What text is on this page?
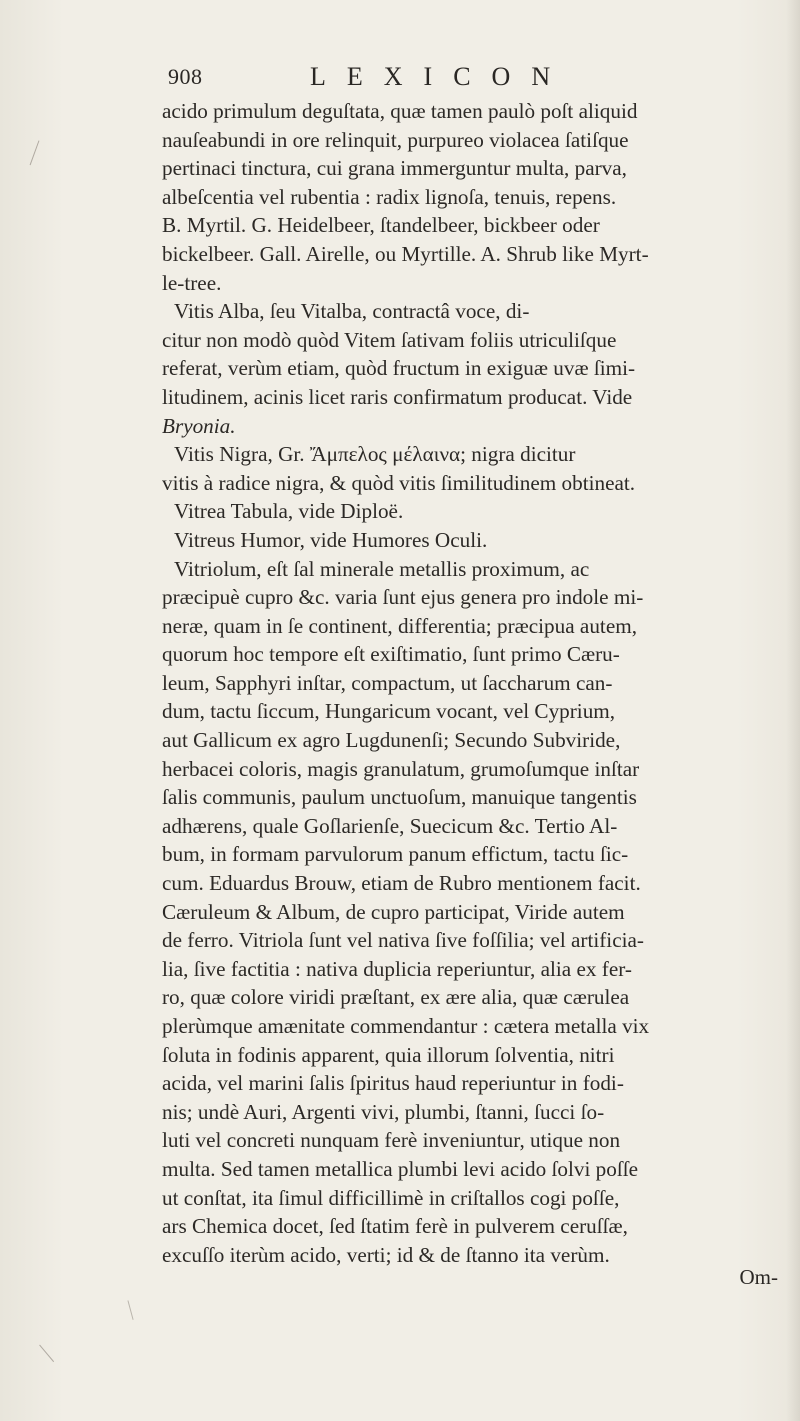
908	LEXICON
acido primulum deguſtata, quæ tamen paulò poſt aliquid
nauſeabundi in ore relinquit, purpureo violacea ſatiſque
pertinaci tinctura, cui grana immerguntur multa, parva,
albeſcentia vel rubentia : radix lignoſa, tenuis, repens.
B. Myrtil. G. Heidelbeer, ſtandelbeer, bickbeer oder
bickelbeer. Gall. Airelle, ou Myrtille. A. Shrub like Myrt-
le-tree.
Vitis Alba, ſeu Vitalba, contractâ voce, di-
citur non modò quòd Vitem ſativam foliis utriculiſque
referat, verùm etiam, quòd fructum in exiguæ uvæ ſimi-
litudinem, acinis licet raris confirmatum producat. Vide
Bryonia.
Vitis Nigra, Gr. Ἄμπελος μέλαινα; nigra dicitur
vitis à radice nigra, & quòd vitis ſimilitudinem obtineat.
Vitrea Tabula, vide Diploë.
Vitreus Humor, vide Humores Oculi.
Vitriolum, eſt ſal minerale metallis proximum, ac
præcipuè cupro &c. varia ſunt ejus genera pro indole mi-
neræ, quam in ſe continent, differentia; præcipua autem,
quorum hoc tempore eſt exiſtimatio, ſunt primo Cæru-
leum, Sapphyri inſtar, compactum, ut ſaccharum can-
dum, tactu ſiccum, Hungaricum vocant, vel Cyprium,
aut Gallicum ex agro Lugdunenſi; Secundo Subviride,
herbacei coloris, magis granulatum, grumoſumque inſtar
ſalis communis, paulum unctuoſum, manuique tangentis
adhærens, quale Goſlarienſe, Suecicum &c. Tertio Al-
bum, in formam parvulorum panum effictum, tactu ſic-
cum. Eduardus Brouw, etiam de Rubro mentionem facit.
Cæruleum & Album, de cupro participat, Viride autem
de ferro. Vitriola ſunt vel nativa ſive foſſilia; vel artificia-
lia, ſive factitia : nativa duplicia reperiuntur, alia ex fer-
ro, quæ colore viridi præſtant, ex ære alia, quæ cærulea
plerùmque amænitate commendantur : cætera metalla vix
ſoluta in fodinis apparent, quia illorum ſolventia, nitri
acida, vel marini ſalis ſpiritus haud reperiuntur in fodi-
nis; undè Auri, Argenti vivi, plumbi, ſtanni, ſucci ſo-
luti vel concreti nunquam ferè inveniuntur, utique non
multa. Sed tamen metallica plumbi levi acido ſolvi poſſe
ut conſtat, ita ſimul difficillimè in criſtallos cogi poſſe,
ars Chemica docet, ſed ſtatim ferè in pulverem ceruſſæ,
excuſſo iterùm acido, verti; id & de ſtanno ita verùm.
Om-
